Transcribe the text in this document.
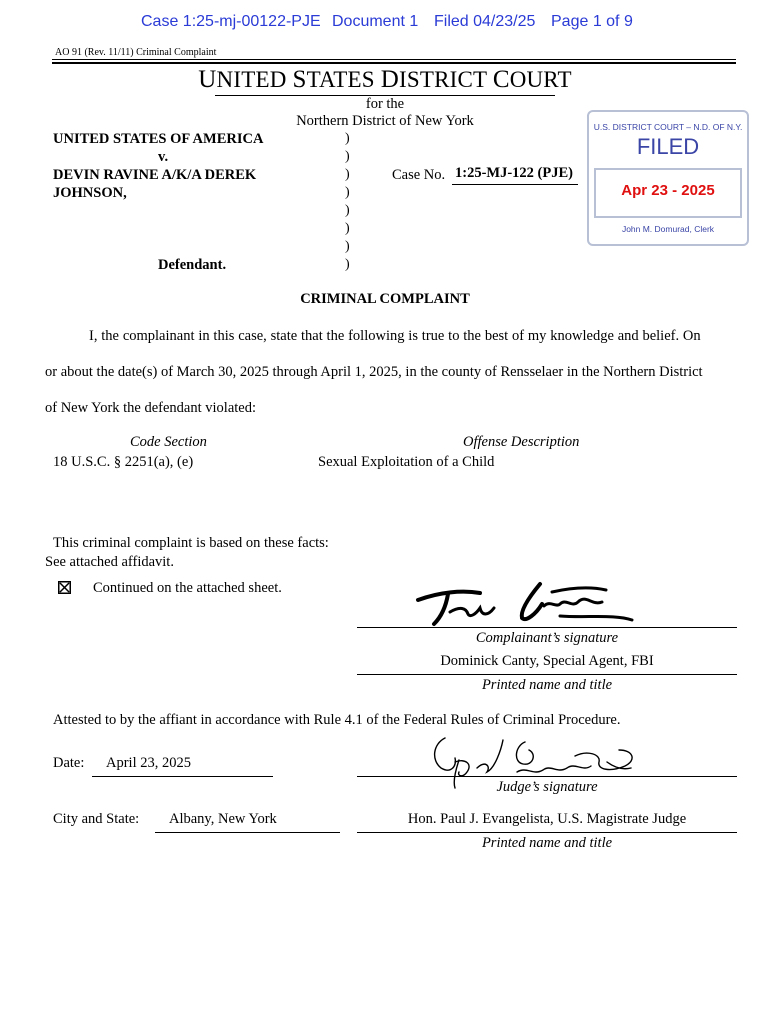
Case 1:25-mj-00122-PJE Document 1 Filed 04/23/25 Page 1 of 9
AO 91 (Rev. 11/11) Criminal Complaint
UNITED STATES DISTRICT COURT
for the
Northern District of New York
UNITED STATES OF AMERICA
v.
DEVIN RAVINE A/K/A DEREK
JOHNSON,
Defendant.
)
)
)
)
)
)
)
)
Case No. 1:25-MJ-122 (PJE)
U.S. DISTRICT COURT – N.D. OF N.Y.
FILED
Apr 23 - 2025
John M. Domurad, Clerk
CRIMINAL COMPLAINT
I, the complainant in this case, state that the following is true to the best of my knowledge and belief. On
or about the date(s) of March 30, 2025 through April 1, 2025, in the county of Rensselaer in the Northern District
of New York the defendant violated:
Code Section	Offense Description
18 U.S.C. § 2251(a), (e)	Sexual Exploitation of a Child
This criminal complaint is based on these facts:
See attached affidavit.
Continued on the attached sheet.
Complainant’s signature
Dominick Canty, Special Agent, FBI
Printed name and title
Attested to by the affiant in accordance with Rule 4.1 of the Federal Rules of Criminal Procedure.
Date: April 23, 2025
Judge’s signature
City and State: Albany, New York	Hon. Paul J. Evangelista, U.S. Magistrate Judge
Printed name and title
